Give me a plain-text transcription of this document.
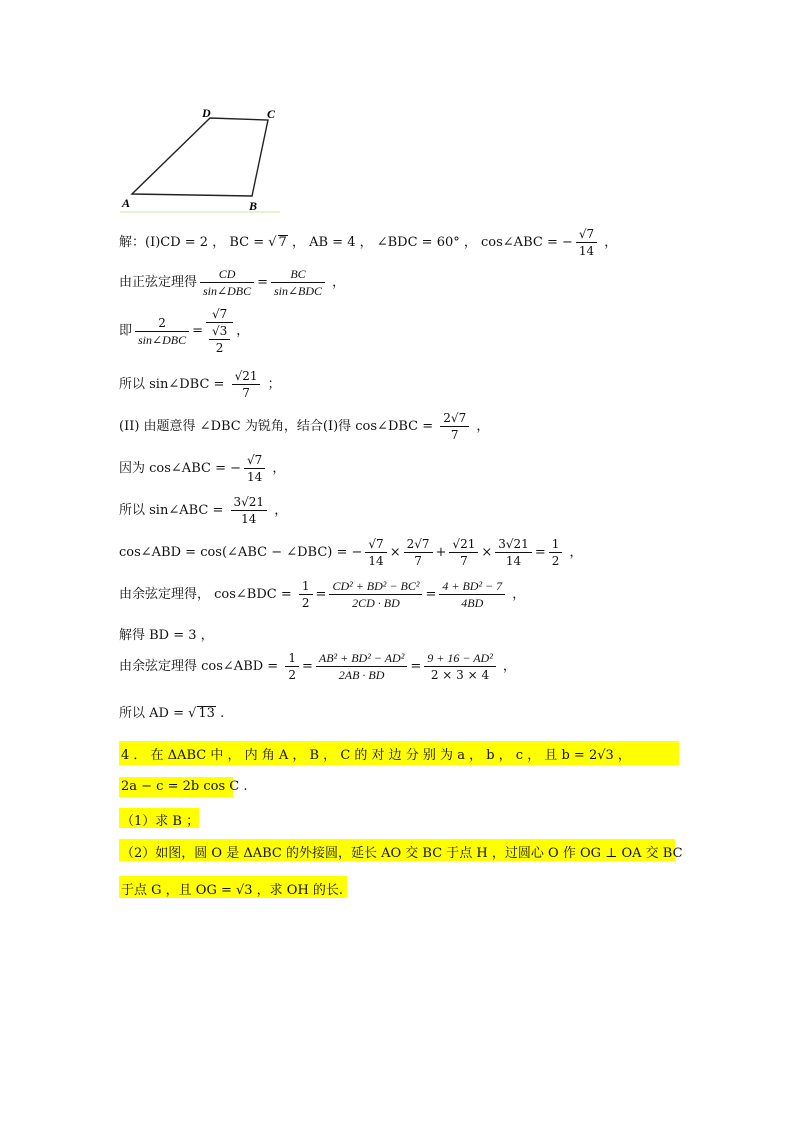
A	B
C
D
解：(I)CD = 2 ， BC = √ 7 ， AB = 4 ， ∠BDC = 60° ， cos∠ABC = − $\frac{√7}{14}$ ，
由正弦定理得 $\frac{CD}{\text{sin∠DBC}} = \frac{BC}{\text{sin∠BDC}}$ ，
即 $\frac{2}{\text{sin∠DBC}} = \frac{√7}{\frac{√3}{2}}$ ，
所以 sin∠DBC = $\frac{√21}{7}$ ；
(II) 由题意得 ∠DBC 为锐角，结合(I)得 cos∠DBC = $\frac{2√7}{7}$ ，
因为 cos∠ABC = − $\frac{√7}{14}$ ，
所以 sin∠ABC = $\frac{3√21}{14}$ ，
cos∠ABD = cos(∠ABC − ∠DBC) = − $\frac{√7}{14} \times \frac{2√7}{7} + \frac{√21}{7} \times \frac{3√21}{14} = \frac{1}{2}$ ，
由余弦定理得， cos∠BDC = $\frac{1}{2} = \frac{\text{CD² + BD² − BC²}}{2CD \cdot BD} = \frac{\text{4 + BD² − 7}}{4BD}$ ，
解得 BD = 3 ，
由余弦定理得 cos∠ABD = $\frac{1}{2} = \frac{\text{AB² + BD² − AD²}}{2AB \cdot BD} = \frac{\text{9 + 16 − AD²}}{2 \times 3 \times 4}$ ，
所以 AD = √ 13 .
4 ． 在 ΔABC 中 ， 内 角 A ， B ， C 的 对 边 分 别 为 a ， b ， c ， 且 b = 2√3 ，
2a − c = 2b cos C .
（1）求 B ；
（2）如图，圆 O 是 ΔABC 的外接圆，延长 AO 交 BC 于点 H ，过圆心 O 作 OG ⊥ OA 交 BC
于点 G ，且 OG = √3 ，求 OH 的长.
